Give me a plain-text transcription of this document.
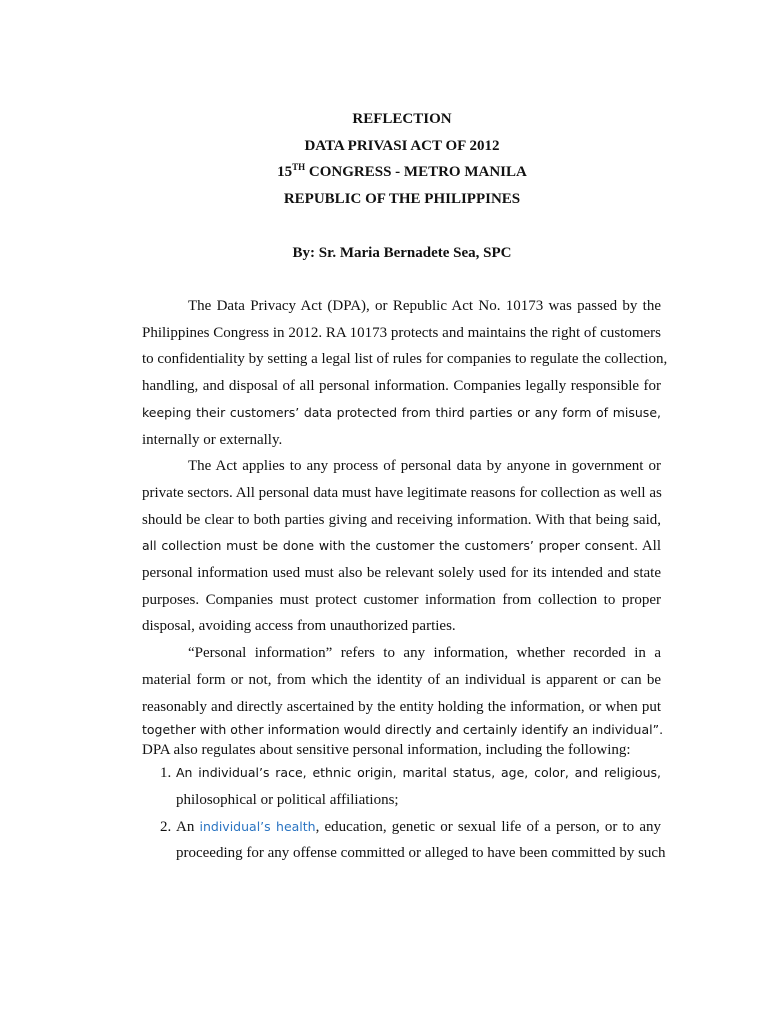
REFLECTION
DATA PRIVASI ACT OF 2012
15TH CONGRESS - METRO MANILA
REPUBLIC OF THE PHILIPPINES
By: Sr. Maria Bernadete Sea, SPC
The Data Privacy Act (DPA), or Republic Act No. 10173 was passed by the
Philippines Congress in 2012. RA 10173 protects and maintains the right of customers
to confidentiality by setting a legal list of rules for companies to regulate the collection,
handling, and disposal of all personal information. Companies legally responsible for
keeping their customers’ data protected from third parties or any form of misuse,
internally or externally.
The Act applies to any process of personal data by anyone in government or
private sectors. All personal data must have legitimate reasons for collection as well as
should be clear to both parties giving and receiving information. With that being said,
all collection must be done with the customer the customers’ proper consent. All
personal information used must also be relevant solely used for its intended and state
purposes. Companies must protect customer information from collection to proper
disposal, avoiding access from unauthorized parties.
“Personal information” refers to any information, whether recorded in a
material form or not, from which the identity of an individual is apparent or can be
reasonably and directly ascertained by the entity holding the information, or when put
together with other information would directly and certainly identify an individual”.
DPA also regulates about sensitive personal information, including the following:
1. An individual’s race, ethnic origin, marital status, age, color, and religious,
philosophical or political affiliations;
2. An individual’s health, education, genetic or sexual life of a person, or to any
proceeding for any offense committed or alleged to have been committed by such
